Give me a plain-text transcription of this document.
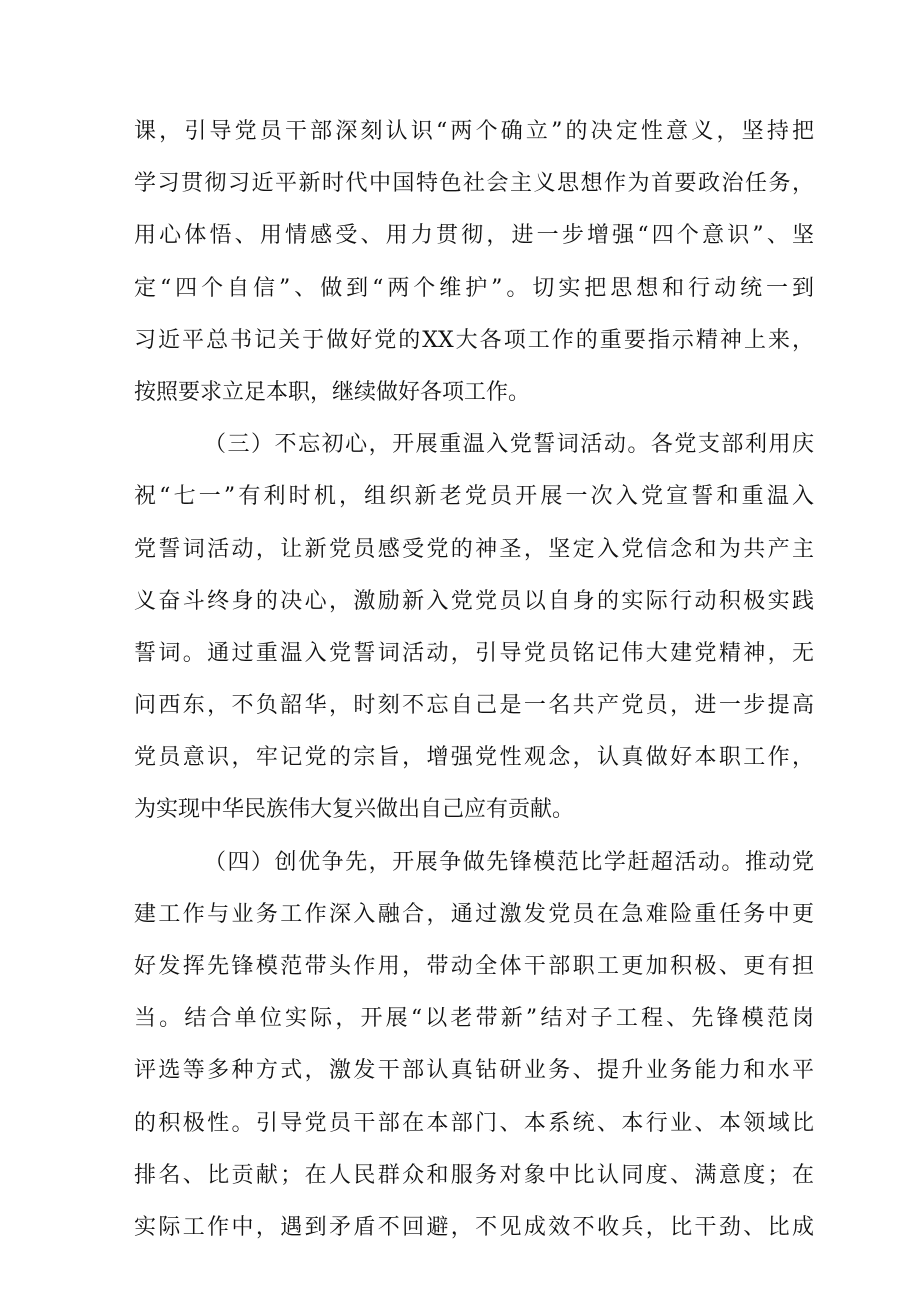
课，引导党员干部深刻认识“两个确立”的决定性意义，坚持把
学习贯彻习近平新时代中国特色社会主义思想作为首要政治任务，
用心体悟、用情感受、用力贯彻，进一步增强“四个意识”、坚
定“四个自信”、做到“两个维护”。切实把思想和行动统一到
习近平总书记关于做好党的XX大各项工作的重要指示精神上来，
按照要求立足本职，继续做好各项工作。
（三）不忘初心，开展重温入党誓词活动。各党支部利用庆
祝“七一”有利时机，组织新老党员开展一次入党宣誓和重温入
党誓词活动，让新党员感受党的神圣，坚定入党信念和为共产主
义奋斗终身的决心，激励新入党党员以自身的实际行动积极实践
誓词。通过重温入党誓词活动，引导党员铭记伟大建党精神，无
问西东，不负韶华，时刻不忘自己是一名共产党员，进一步提高
党员意识，牢记党的宗旨，增强党性观念，认真做好本职工作，
为实现中华民族伟大复兴做出自己应有贡献。
（四）创优争先，开展争做先锋模范比学赶超活动。推动党
建工作与业务工作深入融合，通过激发党员在急难险重任务中更
好发挥先锋模范带头作用，带动全体干部职工更加积极、更有担
当。结合单位实际，开展“以老带新”结对子工程、先锋模范岗
评选等多种方式，激发干部认真钻研业务、提升业务能力和水平
的积极性。引导党员干部在本部门、本系统、本行业、本领域比
排名、比贡献；在人民群众和服务对象中比认同度、满意度；在
实际工作中，遇到矛盾不回避，不见成效不收兵，比干劲、比成
